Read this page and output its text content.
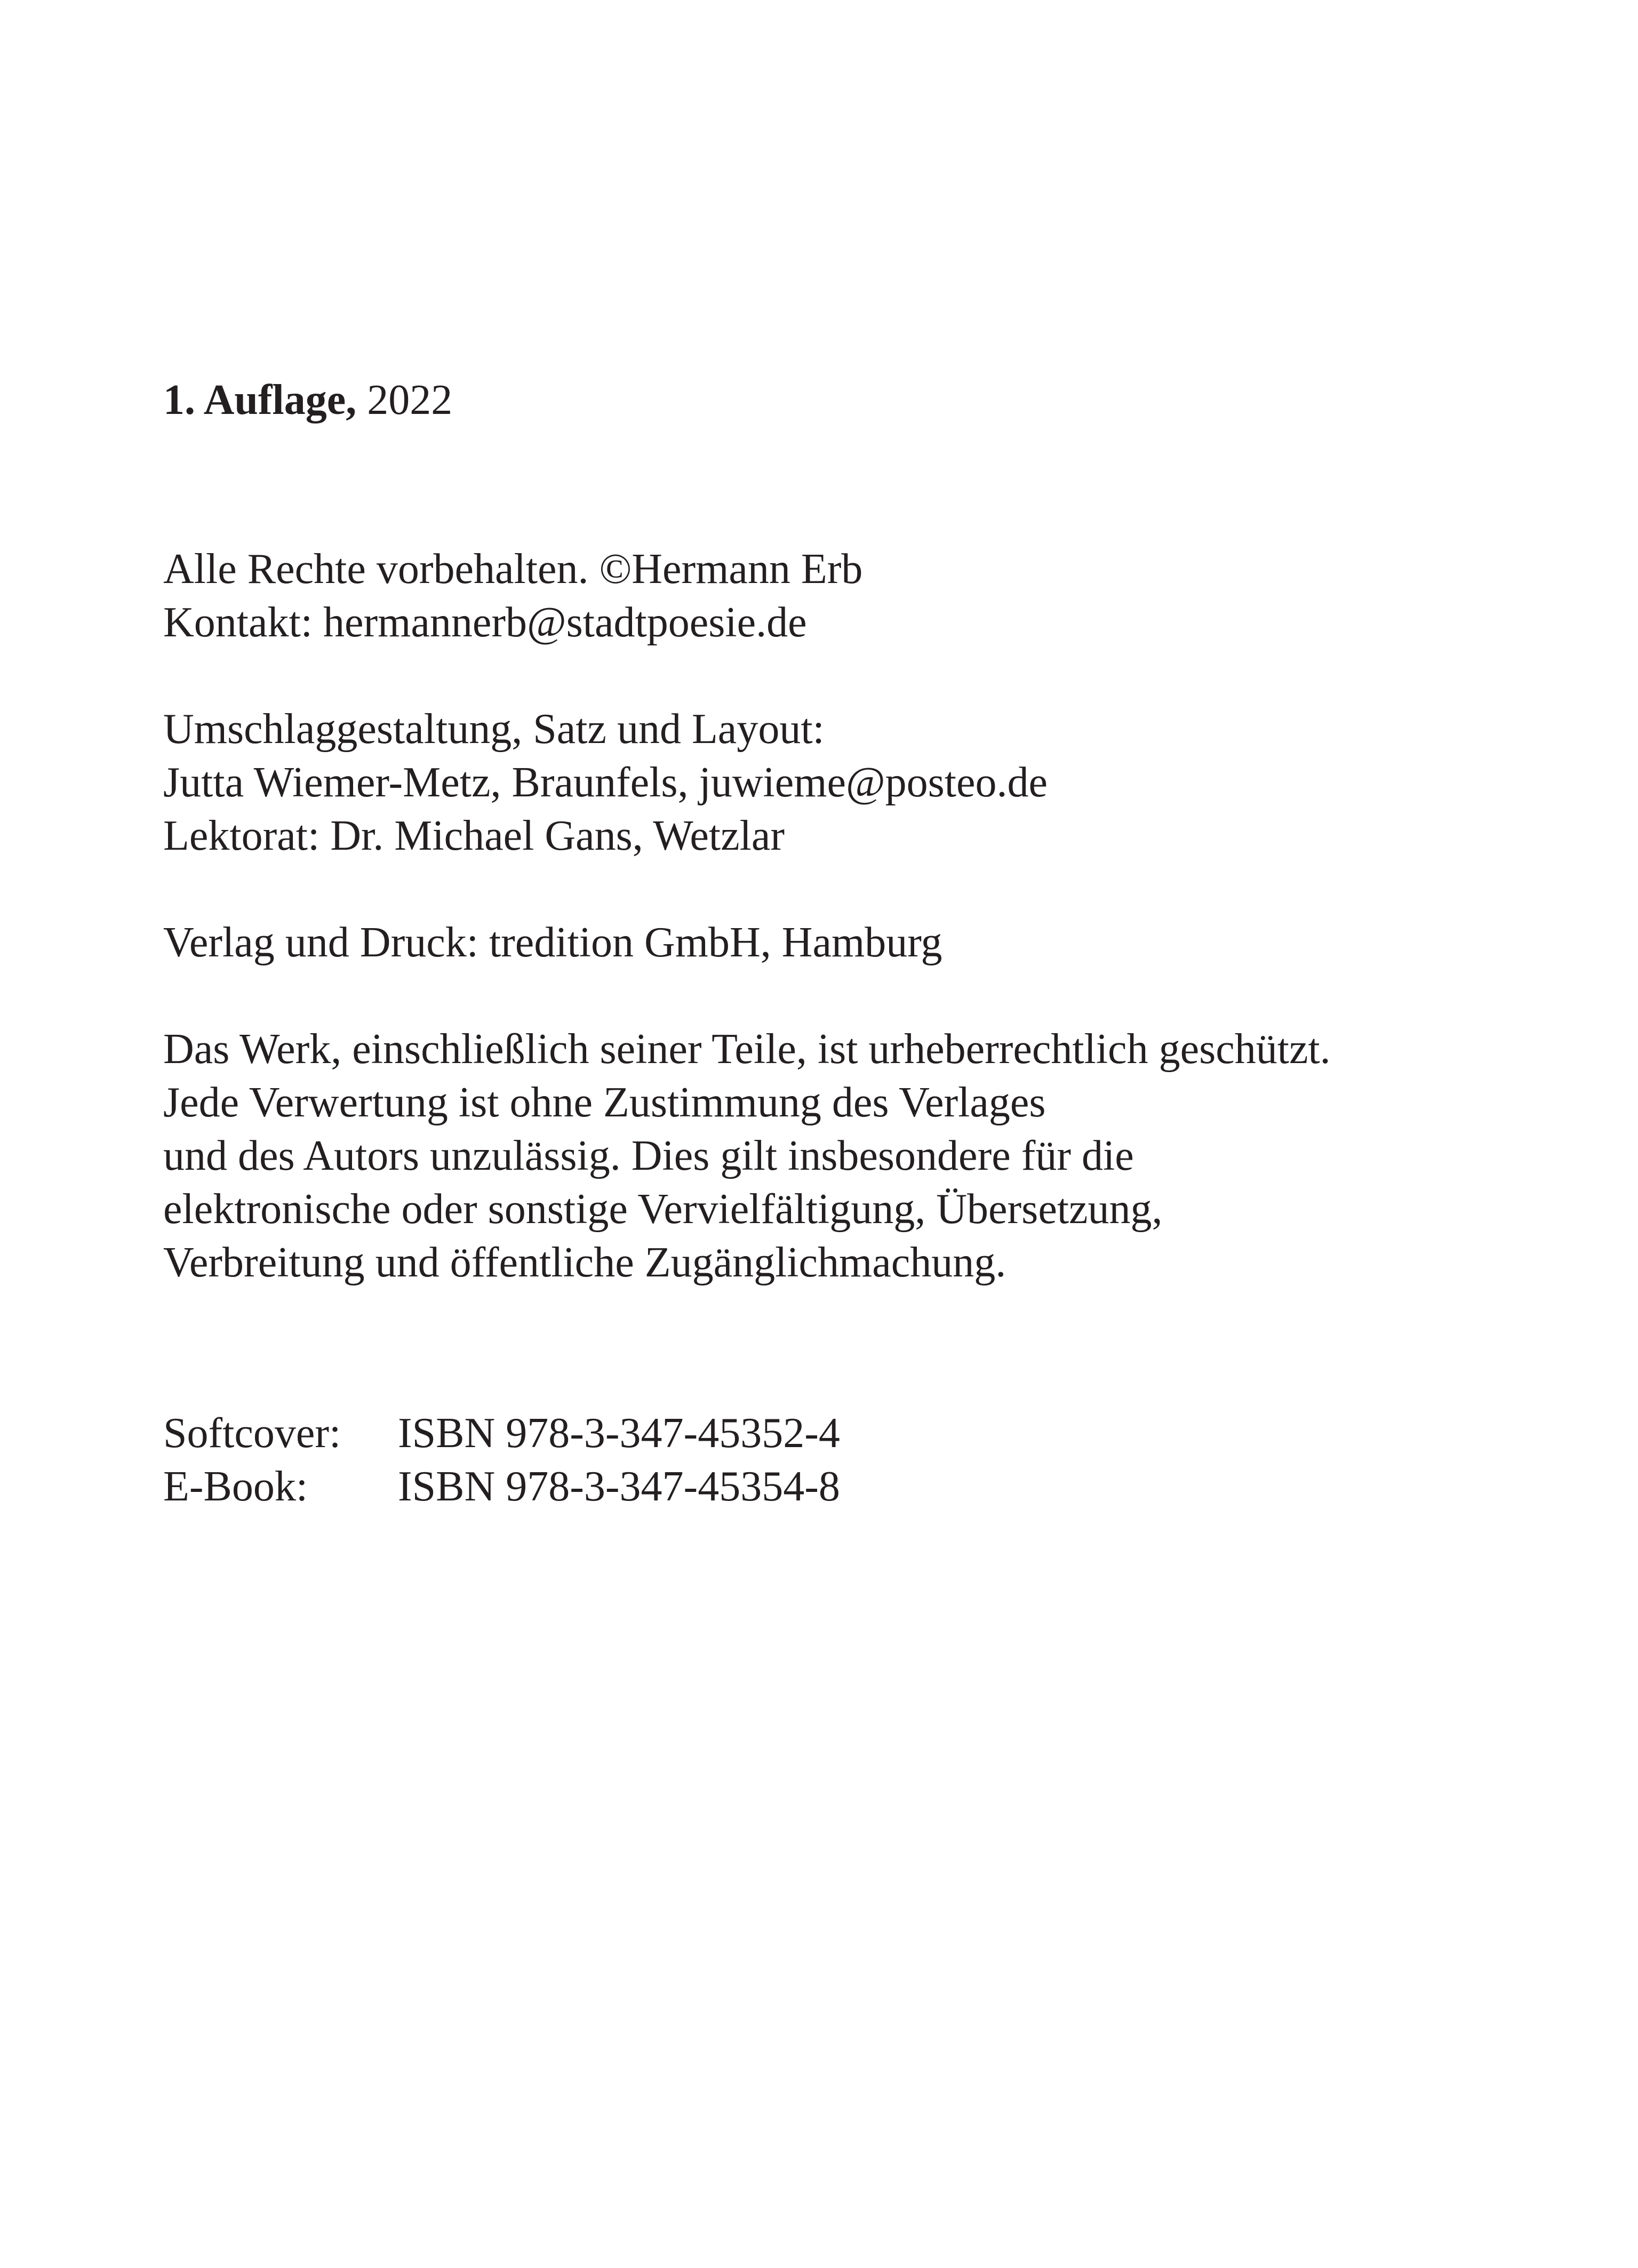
1. Auflage, 2022
Alle Rechte vorbehalten. ©Hermann Erb
Kontakt: hermannerb@stadtpoesie.de
Umschlaggestaltung, Satz und Layout:
Jutta Wiemer-Metz, Braunfels, juwieme@posteo.de
Lektorat: Dr. Michael Gans, Wetzlar
Verlag und Druck: tredition GmbH, Hamburg
Das Werk, einschließlich seiner Teile, ist urheberrechtlich geschützt.
Jede Verwertung ist ohne Zustimmung des Verlages
und des Autors unzulässig. Dies gilt insbesondere für die
elektronische oder sonstige Vervielfältigung, Übersetzung,
Verbreitung und öffentliche Zugänglichmachung.
Softcover: ISBN 978-3-347-45352-4
E-Book: ISBN 978-3-347-45354-8
